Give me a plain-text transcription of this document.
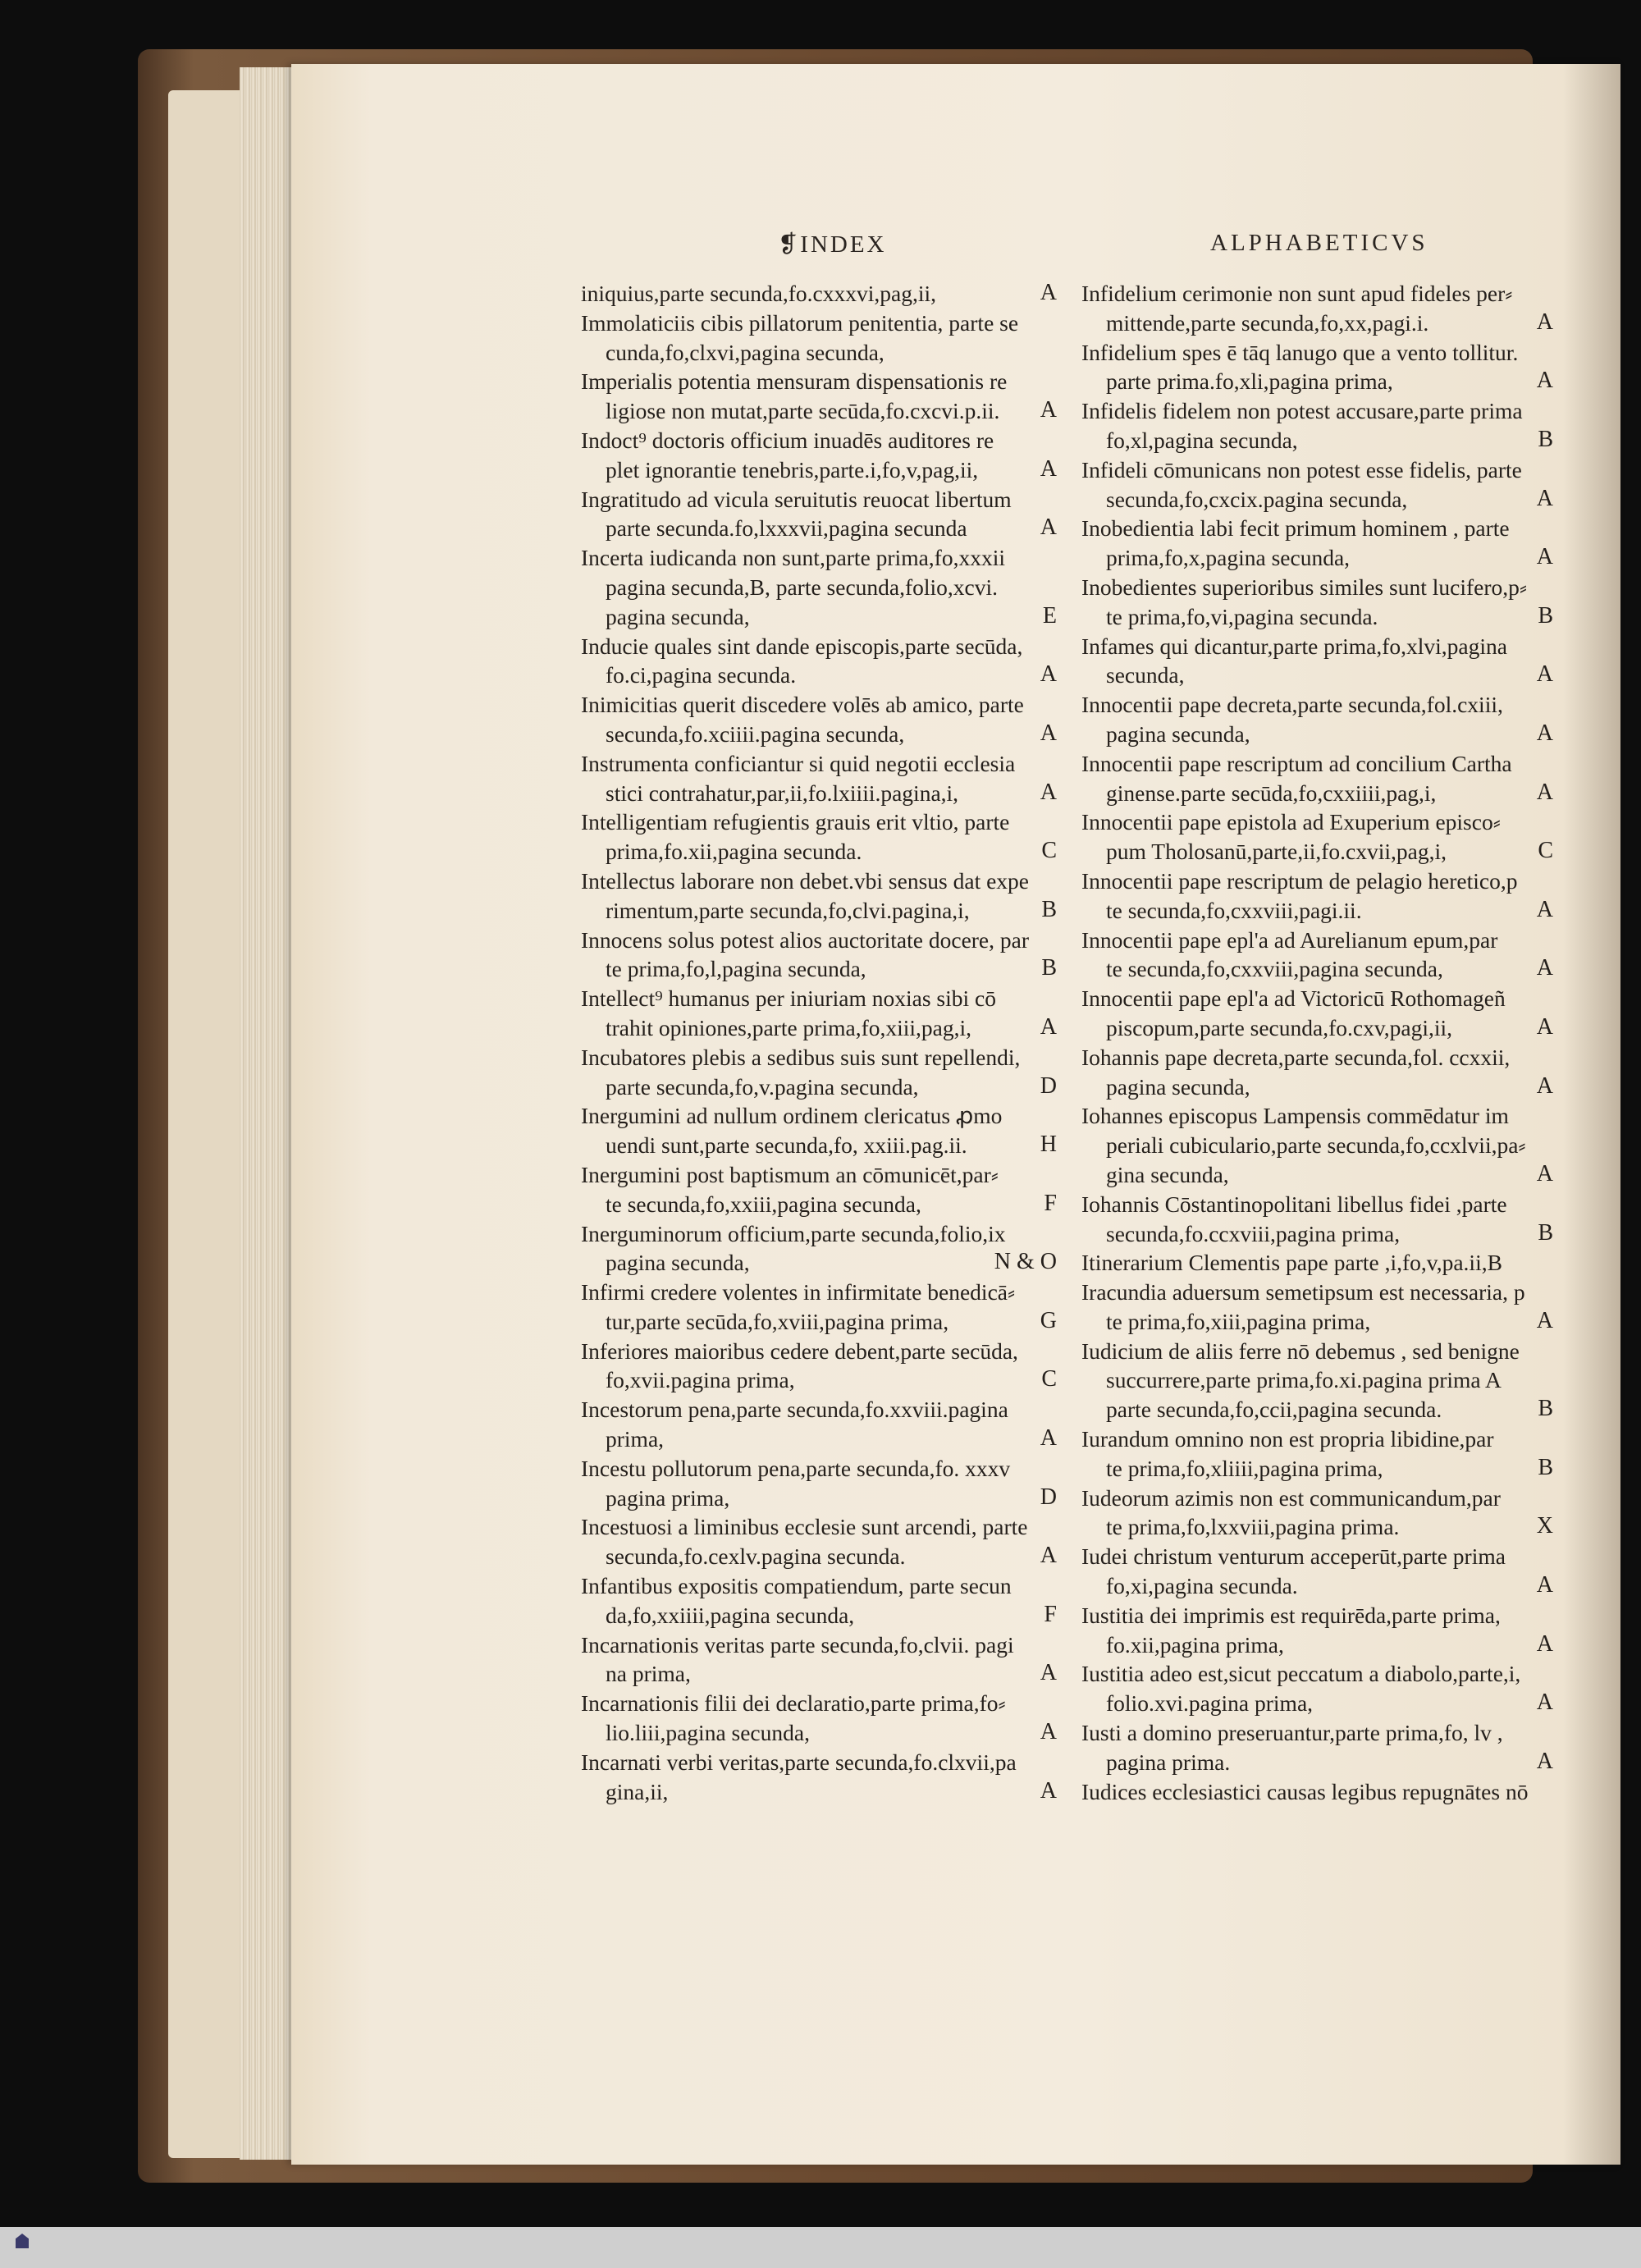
❡INDEX	ALPHABETICVS
iniquius,parte secunda,fo.cxxxvi,pag,ii,	A
Immolaticiis cibis pillatorum penitentia, parte se
cunda,fo,clxvi,pagina secunda,
Imperialis potentia mensuram dispensationis re
ligiose non mutat,parte secūda,fo.cxcvi.p.ii.	A
Indoct⁹ doctoris officium inuadēs auditores re
plet ignorantie tenebris,parte.i,fo,v,pag,ii,	A
Ingratitudo ad vicula seruitutis reuocat libertum
parte secunda.fo,lxxxvii,pagina secunda	A
Incerta iudicanda non sunt,parte prima,fo,xxxii
pagina secunda,B, parte secunda,folio,xcvi.
pagina secunda,	E
Inducie quales sint dande episcopis,parte secūda,
fo.ci,pagina secunda.	A
Inimicitias querit discedere volēs ab amico, parte
secunda,fo.xciiii.pagina secunda,	A
Instrumenta conficiantur si quid negotii ecclesia
stici contrahatur,par,ii,fo.lxiiii.pagina,i,	A
Intelligentiam refugientis grauis erit vltio, parte
prima,fo.xii,pagina secunda.	C
Intellectus laborare non debet.vbi sensus dat expe
rimentum,parte secunda,fo,clvi.pagina,i,	B
Innocens solus potest alios auctoritate docere, par
te prima,fo,l,pagina secunda,	B
Intellect⁹ humanus per iniuriam noxias sibi cō
trahit opiniones,parte prima,fo,xiii,pag,i,	A
Incubatores plebis a sedibus suis sunt repellendi,
parte secunda,fo,v.pagina secunda,	D
Inergumini ad nullum ordinem clericatus ꝓmo
uendi sunt,parte secunda,fo, xxiii.pag.ii.	H
Inergumini post baptismum an cōmunicēt,par⸗
te secunda,fo,xxiii,pagina secunda,	F
Inerguminorum officium,parte secunda,folio,ix
pagina secunda,	N & O
Infirmi credere volentes in infirmitate benedicā⸗
tur,parte secūda,fo,xviii,pagina prima,	G
Inferiores maioribus cedere debent,parte secūda,
fo,xvii.pagina prima,	C
Incestorum pena,parte secunda,fo.xxviii.pagina
prima,	A
Incestu pollutorum pena,parte secunda,fo. xxxv
pagina prima,	D
Incestuosi a liminibus ecclesie sunt arcendi, parte
secunda,fo.cexlv.pagina secunda.	A
Infantibus expositis compatiendum, parte secun
da,fo,xxiiii,pagina secunda,	F
Incarnationis veritas parte secunda,fo,clvii. pagi
na prima,	A
Incarnationis filii dei declaratio,parte prima,fo⸗
lio.liii,pagina secunda,	A
Incarnati verbi veritas,parte secunda,fo.clxvii,pa
gina,ii,	A
Infidelium cerimonie non sunt apud fideles per⸗
mittende,parte secunda,fo,xx,pagi.i.	A
Infidelium spes ē tāq lanugo que a vento tollitur.
parte prima.fo,xli,pagina prima,	A
Infidelis fidelem non potest accusare,parte prima
fo,xl,pagina secunda,	B
Infideli cōmunicans non potest esse fidelis, parte
secunda,fo,cxcix.pagina secunda,	A
Inobedientia labi fecit primum hominem , parte
prima,fo,x,pagina secunda,	A
Inobedientes superioribus similes sunt lucifero,p⸗
te prima,fo,vi,pagina secunda.	B
Infames qui dicantur,parte prima,fo,xlvi,pagina
secunda,	A
Innocentii pape decreta,parte secunda,fol.cxiii,
pagina secunda,	A
Innocentii pape rescriptum ad concilium Cartha
ginense.parte secūda,fo,cxxiiii,pag,i,	A
Innocentii pape epistola ad Exuperium episco⸗
pum Tholosanū,parte,ii,fo.cxvii,pag,i,	C
Innocentii pape rescriptum de pelagio heretico,p
te secunda,fo,cxxviii,pagi.ii.	A
Innocentii pape epl'a ad Aurelianum epum,par
te secunda,fo,cxxviii,pagina secunda,	A
Innocentii pape epl'a ad Victoricū Rothomageñ
piscopum,parte secunda,fo.cxv,pagi,ii,	A
Iohannis pape decreta,parte secunda,fol. ccxxii,
pagina secunda,	A
Iohannes episcopus Lampensis commēdatur im
periali cubiculario,parte secunda,fo,ccxlvii,pa⸗
gina secunda,	A
Iohannis Cōstantinopolitani libellus fidei ,parte
secunda,fo.ccxviii,pagina prima,	B
Itinerarium Clementis pape parte ,i,fo,v,pa.ii,B
Iracundia aduersum semetipsum est necessaria, p
te prima,fo,xiii,pagina prima,	A
Iudicium de aliis ferre nō debemus , sed benigne
succurrere,parte prima,fo.xi.pagina prima A
parte secunda,fo,ccii,pagina secunda.	B
Iurandum omnino non est propria libidine,par
te prima,fo,xliiii,pagina prima,	B
Iudeorum azimis non est communicandum,par
te prima,fo,lxxviii,pagina prima.	X
Iudei christum venturum acceperūt,parte prima
fo,xi,pagina secunda.	A
Iustitia dei imprimis est requirēda,parte prima,
fo.xii,pagina prima,	A
Iustitia adeo est,sicut peccatum a diabolo,parte,i,
folio.xvi.pagina prima,	A
Iusti a domino preseruantur,parte prima,fo, lv ,
pagina prima.	A
Iudices ecclesiastici causas legibus repugnātes nō
